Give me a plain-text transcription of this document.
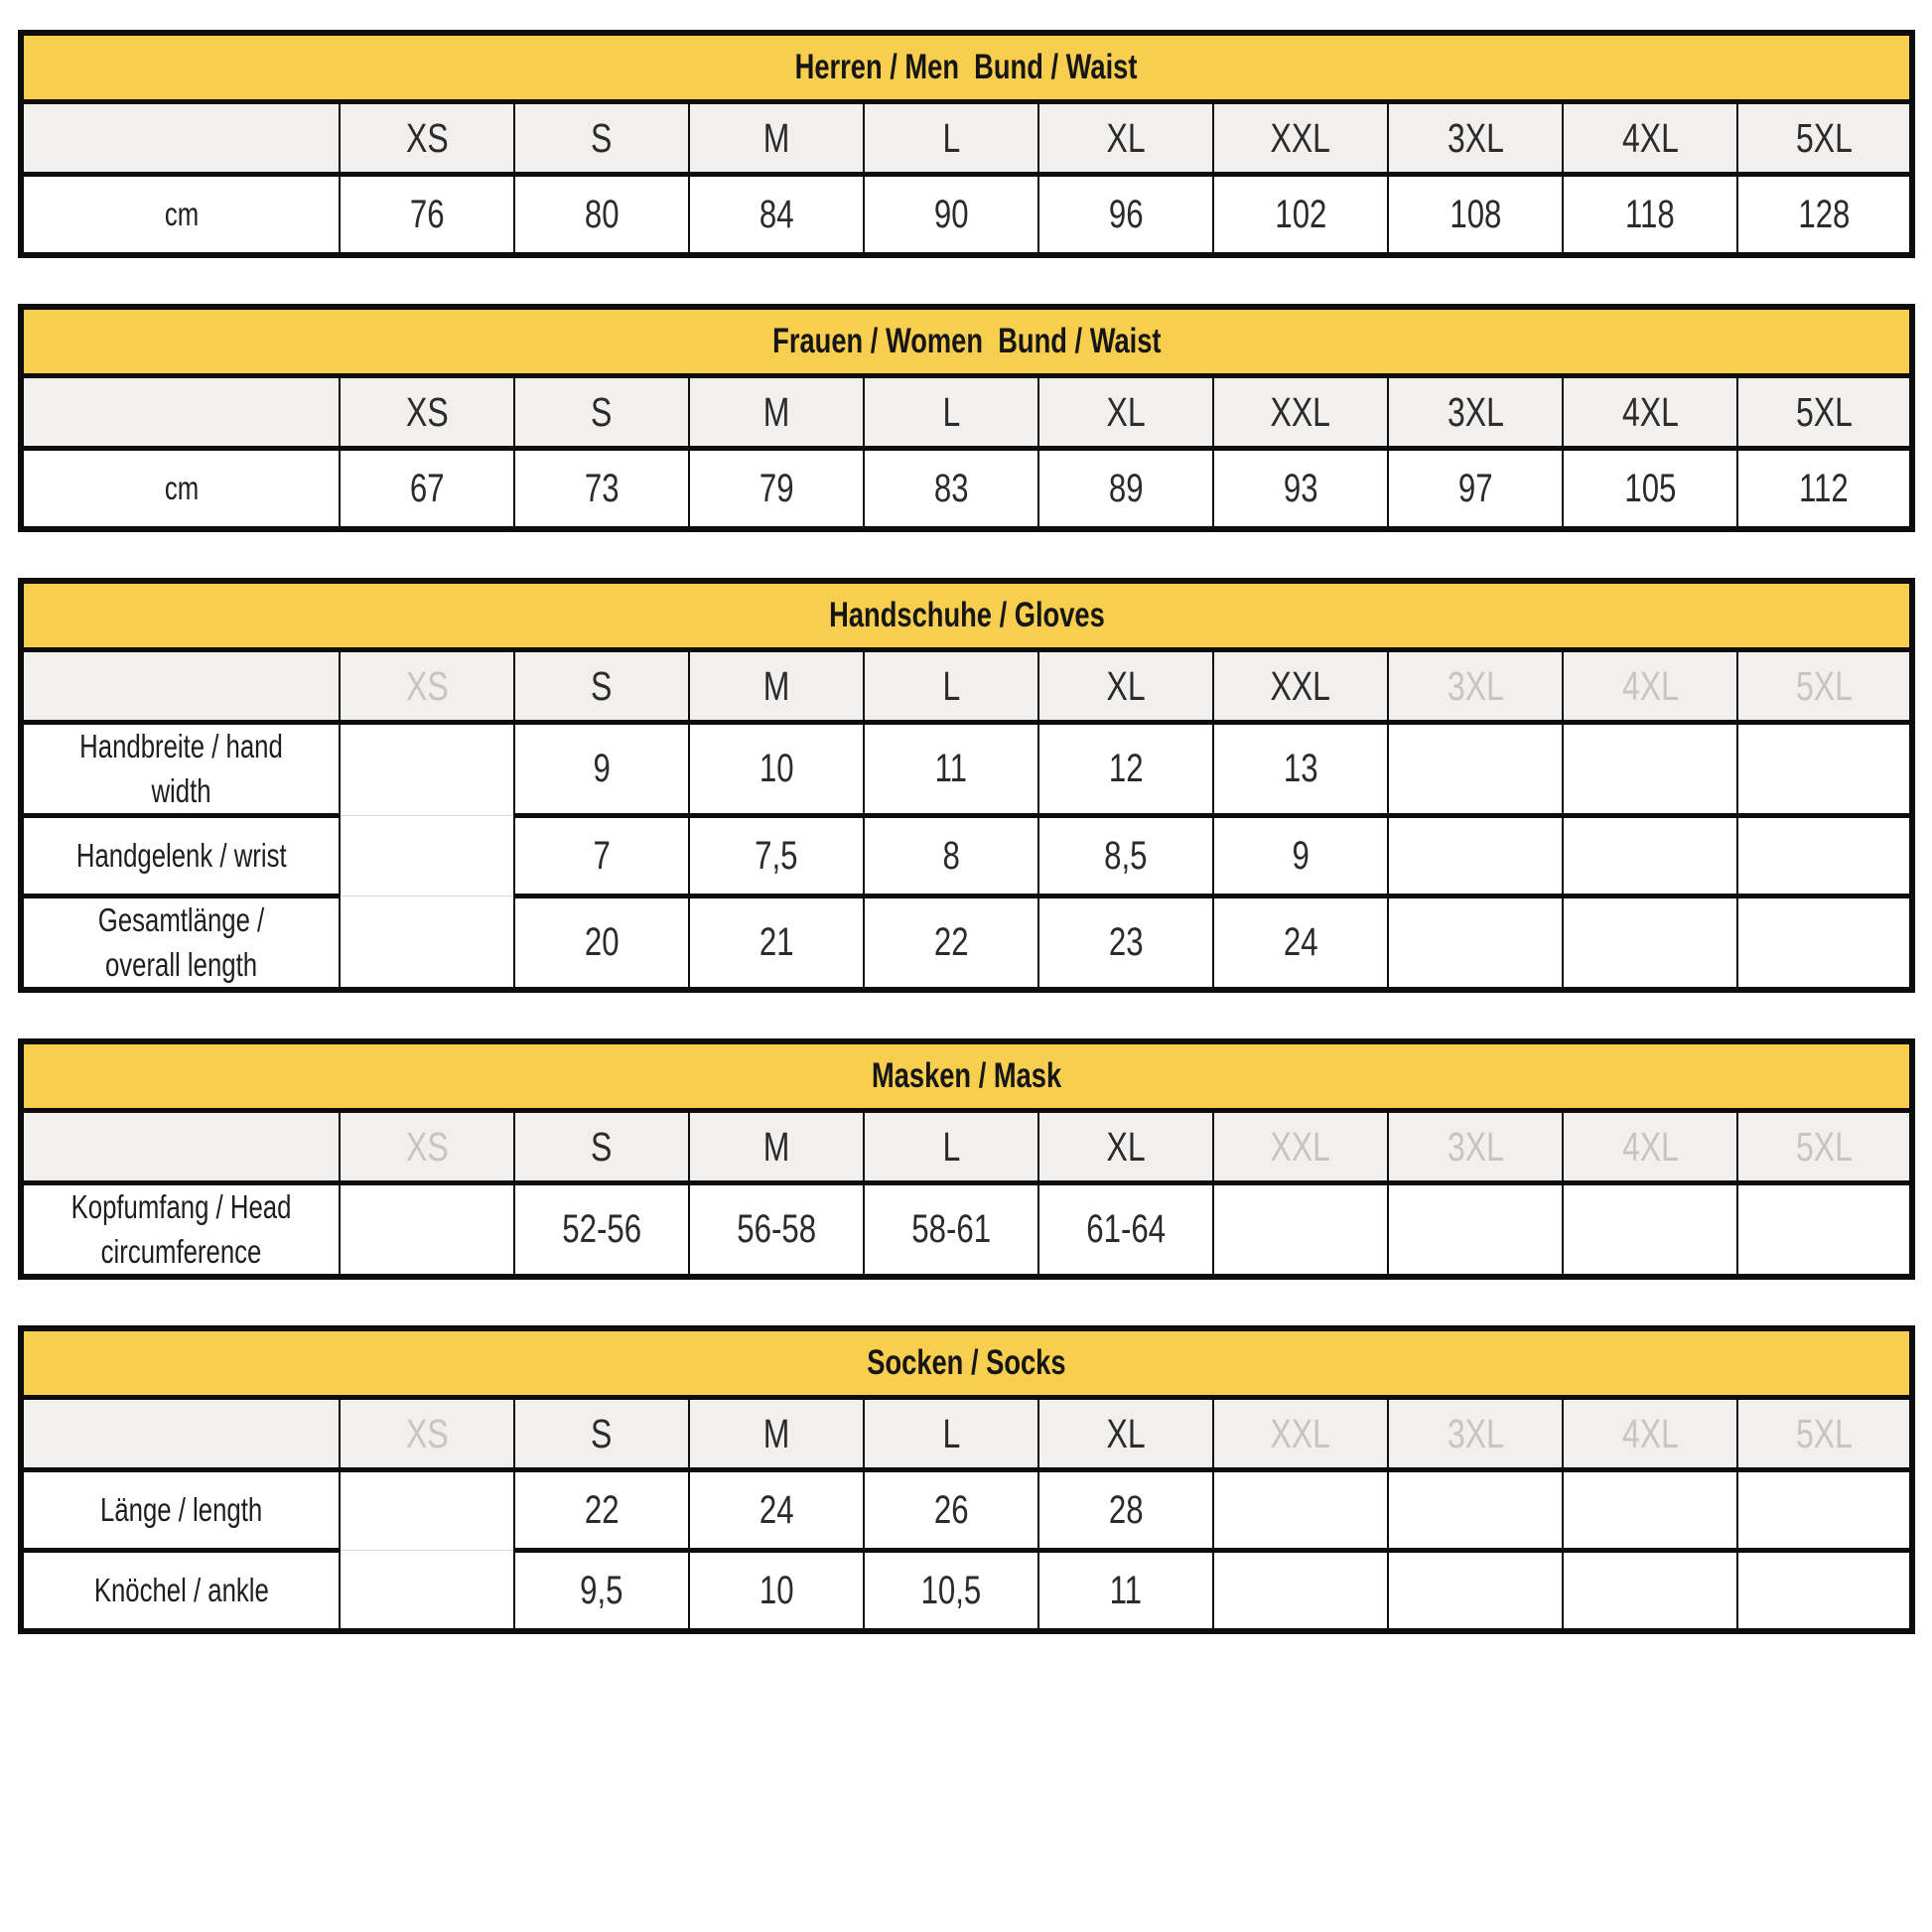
Herren / Men  Bund / Waist									
	XS	S	M	L	XL	XXL	3XL	4XL	5XL
cm	76	80	84	90	96	102	108	118	128
Frauen / Women  Bund / Waist									
	XS	S	M	L	XL	XXL	3XL	4XL	5XL
cm	67	73	79	83	89	93	97	105	112
Handschuhe / Gloves									
	XS	S	M	L	XL	XXL	3XL	4XL	5XL
Handbreite / hand width		9	10	11	12	13			
Handgelenk / wrist		7	7,5	8	8,5	9			
Gesamtlänge / overall length		20	21	22	23	24			
Masken / Mask									
	XS	S	M	L	XL	XXL	3XL	4XL	5XL
Kopfumfang / Head circumference		52-56	56-58	58-61	61-64				
Socken / Socks									
	XS	S	M	L	XL	XXL	3XL	4XL	5XL
Länge / length		22	24	26	28				
Knöchel / ankle		9,5	10	10,5	11				
